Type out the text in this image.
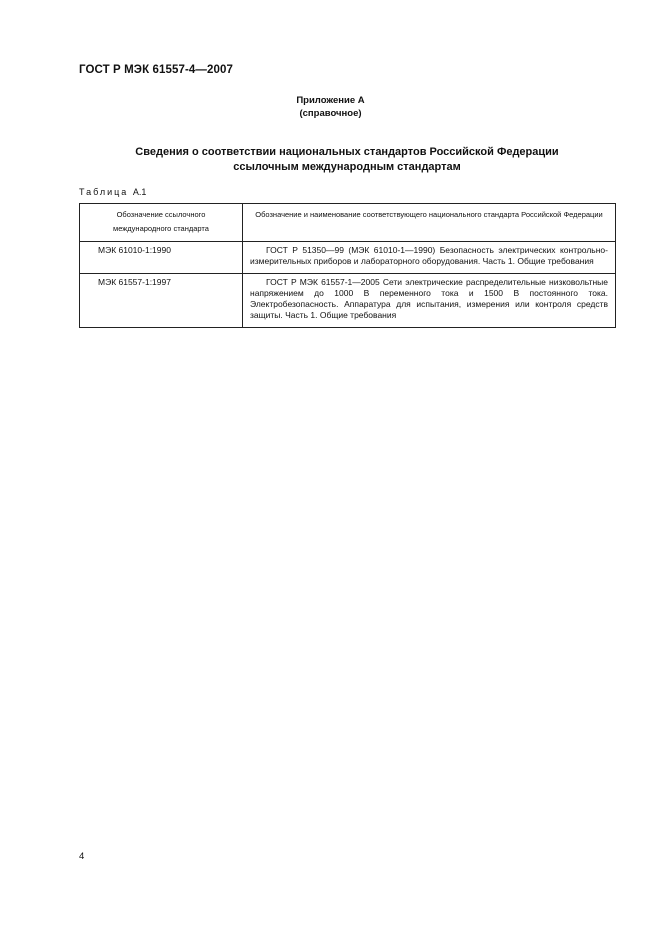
ГОСТ Р МЭК 61557-4—2007
Приложение А
(справочное)
Сведения о соответствии национальных стандартов Российской Федерации
ссылочным международным стандартам
Таблица А.1
Обозначение ссылочного международного стандарта	Обозначение и наименование соответствующего национального стандарта Российской Федерации
МЭК 61010-1:1990	ГОСТ Р 51350—99 (МЭК 61010-1—1990) Безопасность электрических контрольно-измерительных приборов и лабораторного оборудования. Часть 1. Общие требования
МЭК 61557-1:1997	ГОСТ Р МЭК 61557-1—2005 Сети электрические распределительные низковольтные напряжением до 1000 В переменного тока и 1500 В постоянного тока. Электробезопасность. Аппаратура для испытания, измерения или контроля средств защиты. Часть 1. Общие требования
4
